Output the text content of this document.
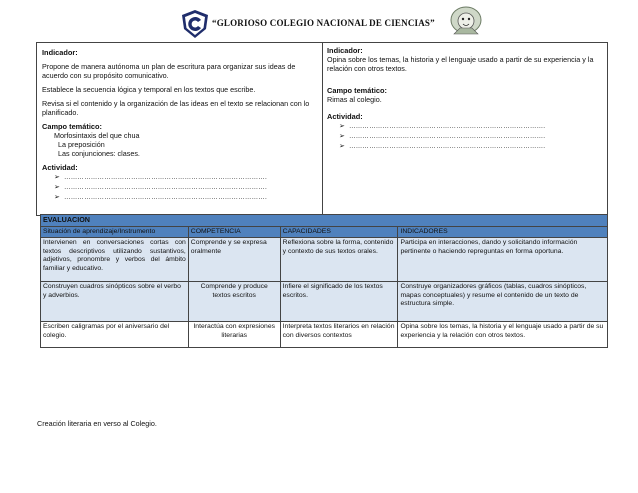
“GLORIOSO COLEGIO NACIONAL DE CIENCIAS”
Indicador:

Propone de manera autónoma un plan de escritura para organizar sus ideas de acuerdo con su propósito comunicativo.

Establece la secuencia lógica y temporal en los textos que escribe.

Revisa si el contenido y la organización de las ideas en el texto se relacionan con lo planificado.

Campo temático:
Morfosintaxis del que chua
La preposición
Las conjunciones: clases.
Actividad:
➢ ……………………………………………………………………………….
➢ ……………………………………………………………………………….
➢ ……………………………………………………………………………….
Indicador:

Opina sobre los temas, la historia y el lenguaje usado a partir de su experiencia y la relación con otros textos.

Campo temático:
Rimas al colegio.
Actividad:
➢ …………………………………………………………………………….
➢ …………………………………………………………………………….
➢ …………………………………………………………………………….
EVALUACION			
Situación de aprendizaje/Instrumento	COMPETENCIA	CAPACIDADES	INDICADORES
Intervienen en conversaciones cortas con textos descriptivos utilizando sustantivos, adjetivos, pronombre y verbos del ámbito familiar y educativo.	Comprende y se expresa oralmente	Reflexiona sobre la forma, contenido y contexto de sus textos orales.	Participa en interacciones, dando y solicitando información pertinente o haciendo repreguntas en forma oportuna.
Construyen cuadros sinópticos sobre el verbo y adverbios.	Comprende y produce textos escritos	Infiere el significado de los textos escritos.	Construye organizadores gráficos (tablas, cuadros sinópticos, mapas conceptuales) y resume el contenido de un texto de estructura simple.
Escriben caligramas por el aniversario del colegio.	Interactúa con expresiones literarias	Interpreta textos literarios en relación con diversos contextos	Opina sobre los temas, la historia y el lenguaje usado a partir de su experiencia y la relación con otros textos.
Creación literaria en verso al Colegio.
